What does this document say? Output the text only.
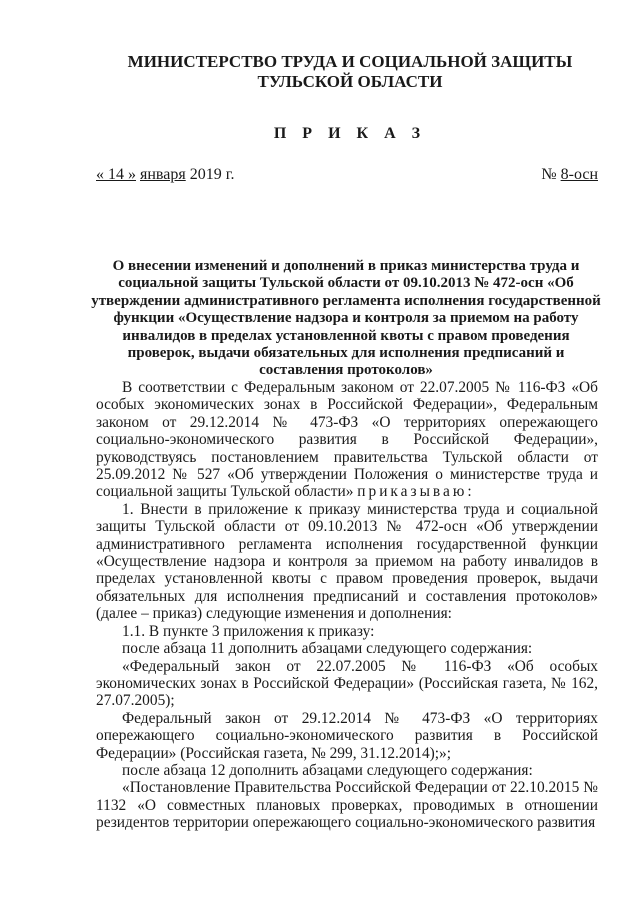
МИНИСТЕРСТВО ТРУДА И СОЦИАЛЬНОЙ ЗАЩИТЫ
ТУЛЬСКОЙ ОБЛАСТИ
П Р И К А З
« 14 » января 2019 г.	№ 8-осн
О внесении изменений и дополнений в приказ министерства труда и социальной защиты Тульской области от 09.10.2013 № 472-осн «Об утверждении административного регламента исполнения государственной функции «Осуществление надзора и контроля за приемом на работу инвалидов в пределах установленной квоты с правом проведения проверок, выдачи обязательных для исполнения предписаний и составления протоколов»

В соответствии с Федеральным законом от 22.07.2005 № 116-ФЗ «Об особых экономических зонах в Российской Федерации», Федеральным законом от 29.12.2014 № 473-ФЗ «О территориях опережающего социально-экономического развития в Российской Федерации», руководствуясь постановлением правительства Тульской области от 25.09.2012 № 527 «Об утверждении Положения о министерстве труда и социальной защиты Тульской области» приказываю:

1. Внести в приложение к приказу министерства труда и социальной защиты Тульской области от 09.10.2013 № 472-осн «Об утверждении административного регламента исполнения государственной функции «Осуществление надзора и контроля за приемом на работу инвалидов в пределах установленной квоты с правом проведения проверок, выдачи обязательных для исполнения предписаний и составления протоколов» (далее – приказ) следующие изменения и дополнения:

1.1. В пункте 3 приложения к приказу:

после абзаца 11 дополнить абзацами следующего содержания:

«Федеральный закон от 22.07.2005 № 116-ФЗ «Об особых экономических зонах в Российской Федерации» (Российская газета, № 162, 27.07.2005);

Федеральный закон от 29.12.2014 № 473-ФЗ «О территориях опережающего социально-экономического развития в Российской Федерации» (Российская газета, № 299, 31.12.2014);»;

после абзаца 12 дополнить абзацами следующего содержания:

«Постановление Правительства Российской Федерации от 22.10.2015 № 1132 «О совместных плановых проверках, проводимых в отношении резидентов территории опережающего социально-экономического развития
